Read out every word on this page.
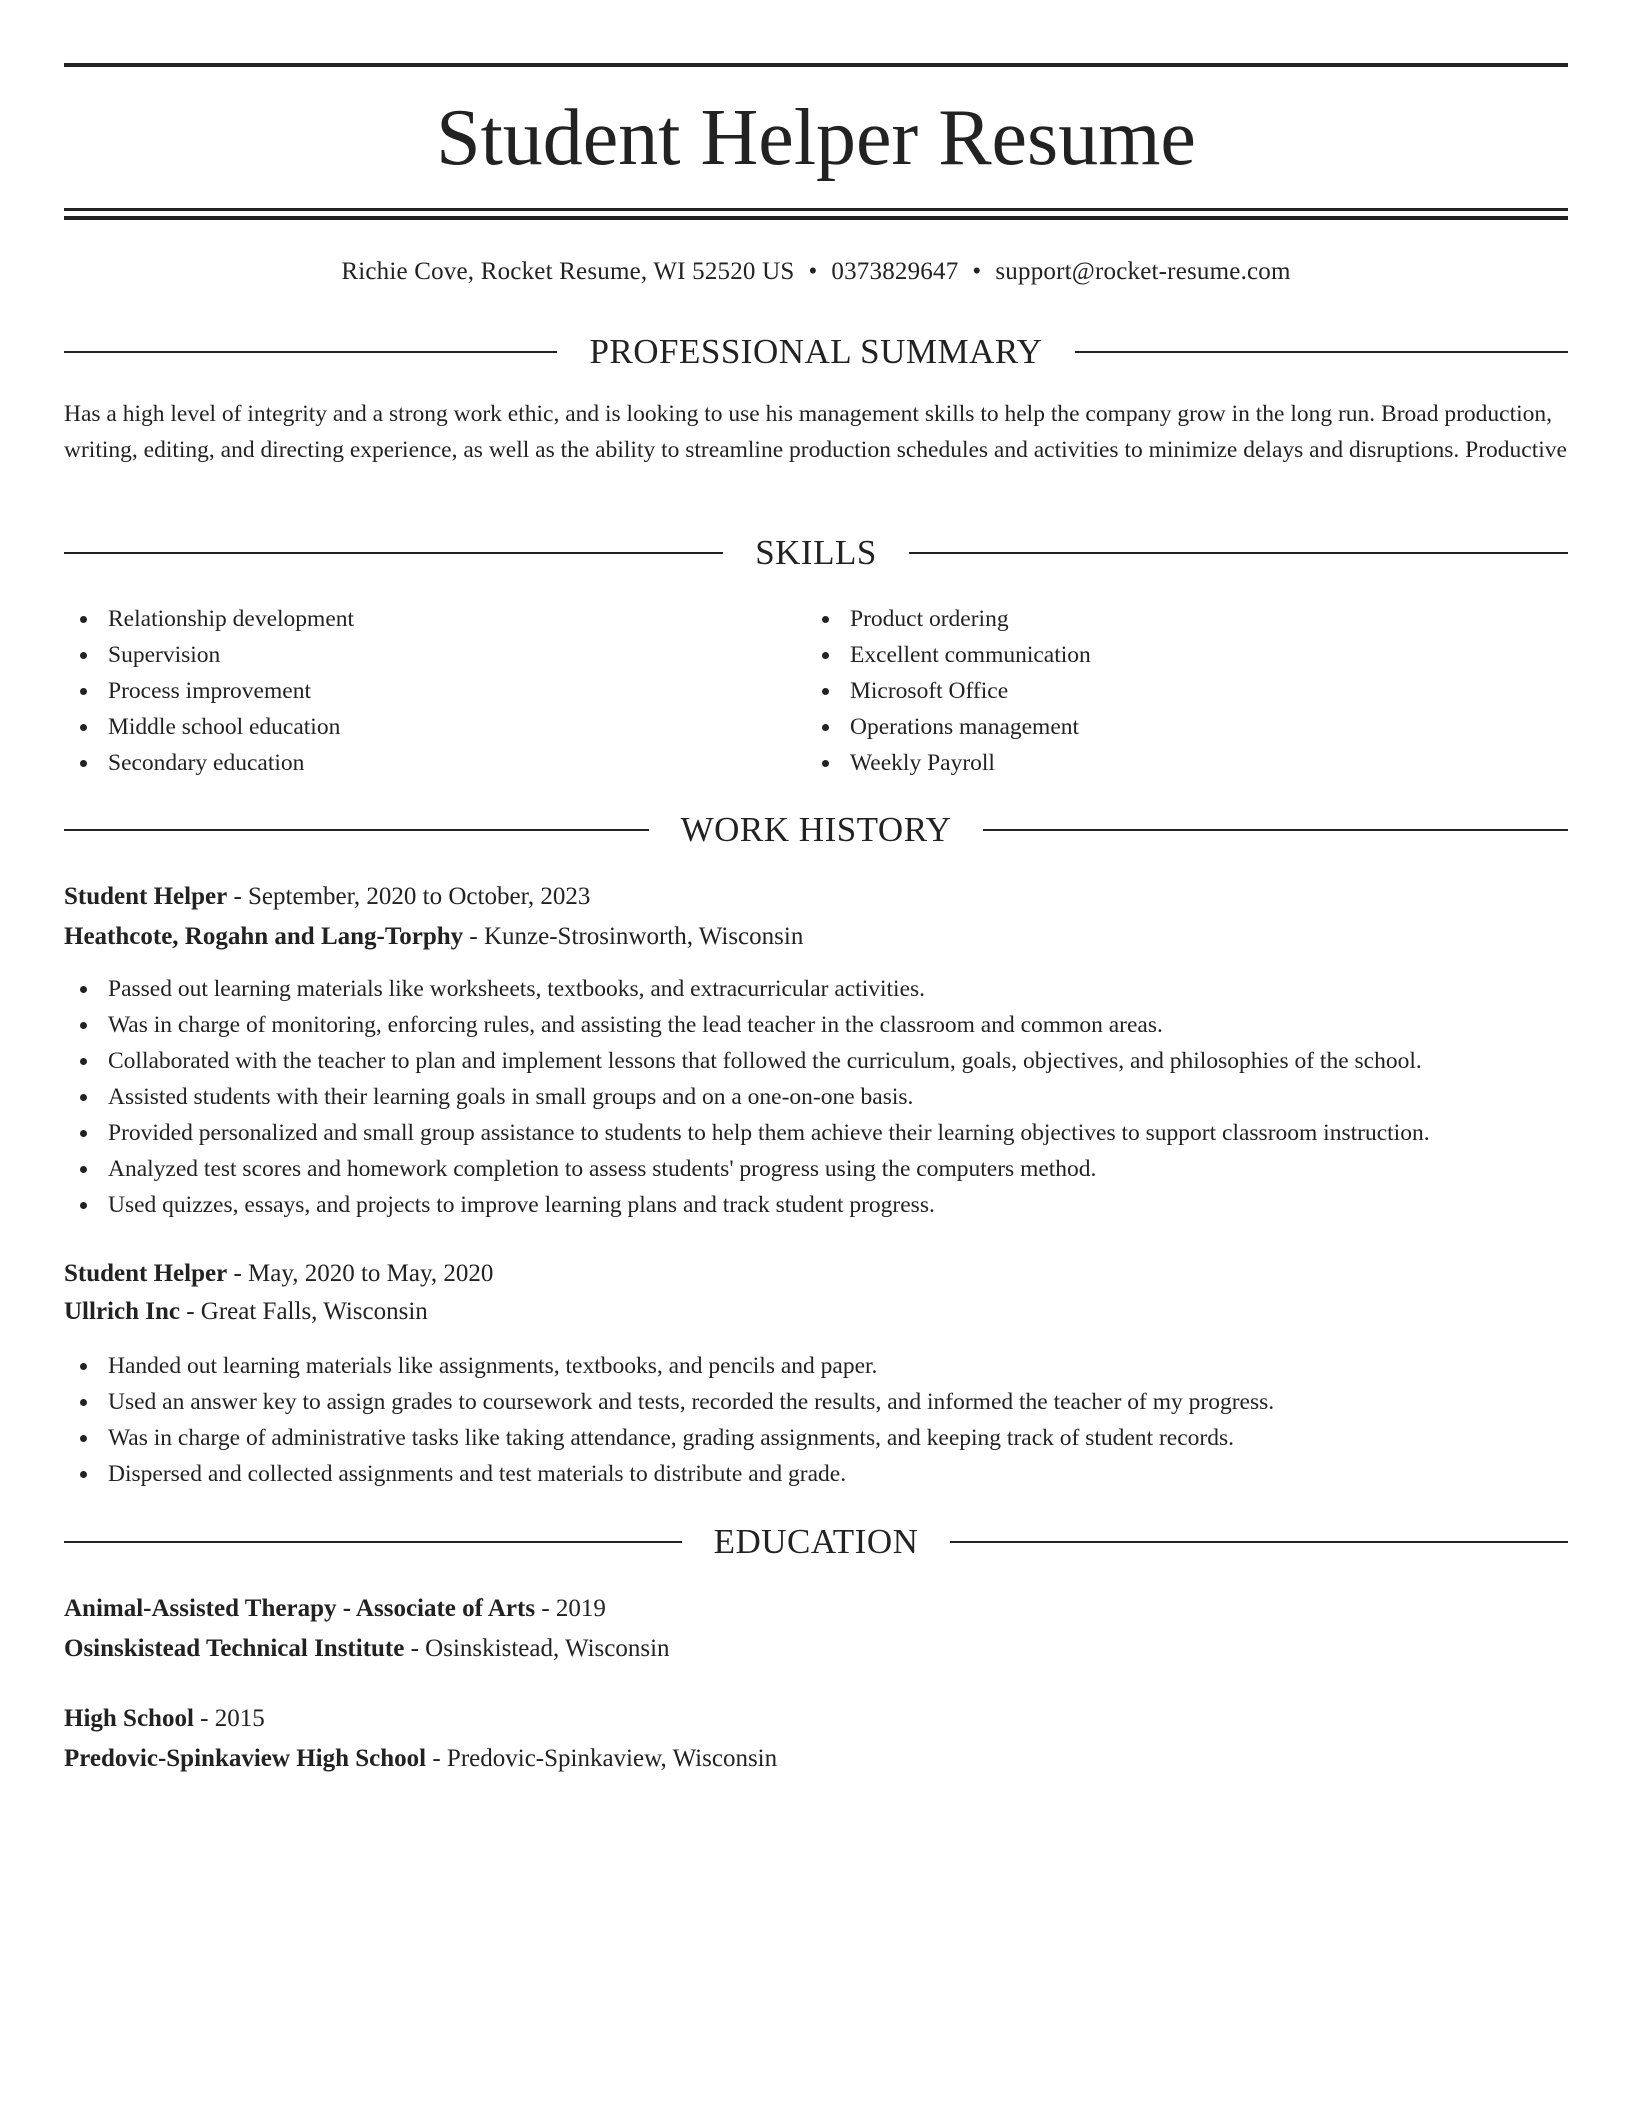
Student Helper Resume
Richie Cove, Rocket Resume, WI 52520 US • 0373829647 • support@rocket-resume.com
PROFESSIONAL SUMMARY

Has a high level of integrity and a strong work ethic, and is looking to use his management skills to help the company grow in the long run. Broad production, writing, editing, and directing experience, as well as the ability to streamline production schedules and activities to minimize delays and disruptions. Productive

SKILLS
Relationship development
Supervision
Process improvement
Middle school education
Secondary education
Product ordering
Excellent communication
Microsoft Office
Operations management
Weekly Payroll
WORK HISTORY
Student Helper - September, 2020 to October, 2023
Heathcote, Rogahn and Lang-Torphy - Kunze-Strosinworth, Wisconsin
Passed out learning materials like worksheets, textbooks, and extracurricular activities.
Was in charge of monitoring, enforcing rules, and assisting the lead teacher in the classroom and common areas.
Collaborated with the teacher to plan and implement lessons that followed the curriculum, goals, objectives, and philosophies of the school.
Assisted students with their learning goals in small groups and on a one-on-one basis.
Provided personalized and small group assistance to students to help them achieve their learning objectives to support classroom instruction.
Analyzed test scores and homework completion to assess students' progress using the computers method.
Used quizzes, essays, and projects to improve learning plans and track student progress.
Student Helper - May, 2020 to May, 2020
Ullrich Inc - Great Falls, Wisconsin
Handed out learning materials like assignments, textbooks, and pencils and paper.
Used an answer key to assign grades to coursework and tests, recorded the results, and informed the teacher of my progress.
Was in charge of administrative tasks like taking attendance, grading assignments, and keeping track of student records.
Dispersed and collected assignments and test materials to distribute and grade.
EDUCATION
Animal-Assisted Therapy - Associate of Arts - 2019
Osinskistead Technical Institute - Osinskistead, Wisconsin
High School - 2015
Predovic-Spinkaview High School - Predovic-Spinkaview, Wisconsin
